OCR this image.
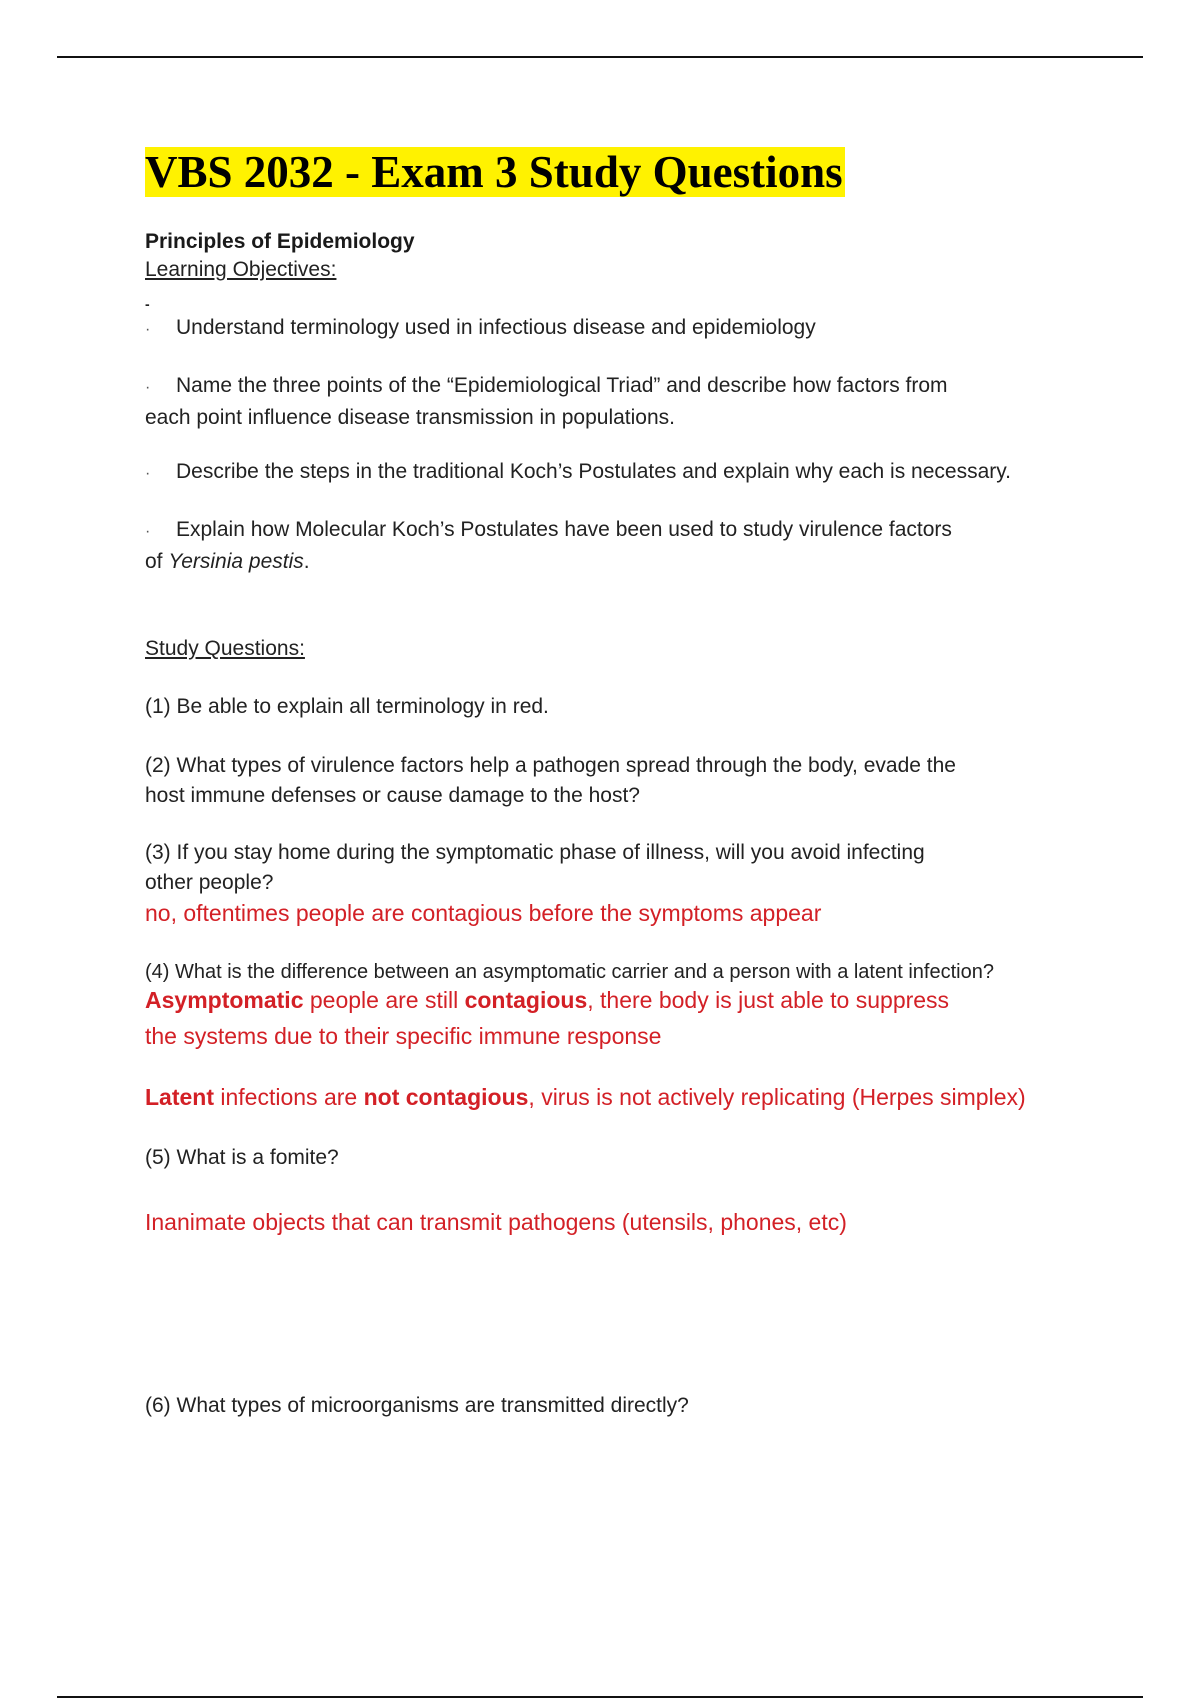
VBS 2032 - Exam 3 Study Questions
Principles of Epidemiology
Learning Objectives:
-
· Understand terminology used in infectious disease and epidemiology
· Name the three points of the “Epidemiological Triad” and describe how factors from
each point influence disease transmission in populations.
· Describe the steps in the traditional Koch’s Postulates and explain why each is necessary.
· Explain how Molecular Koch’s Postulates have been used to study virulence factors
of Yersinia pestis.
Study Questions:
(1) Be able to explain all terminology in red.
(2) What types of virulence factors help a pathogen spread through the body, evade the
host immune defenses or cause damage to the host?
(3) If you stay home during the symptomatic phase of illness, will you avoid infecting
other people?
no, oftentimes people are contagious before the symptoms appear
(4) What is the difference between an asymptomatic carrier and a person with a latent infection?
Asymptomatic people are still contagious, there body is just able to suppress
the systems due to their specific immune response
Latent infections are not contagious, virus is not actively replicating (Herpes simplex)
(5) What is a fomite?
Inanimate objects that can transmit pathogens (utensils, phones, etc)
(6) What types of microorganisms are transmitted directly?
